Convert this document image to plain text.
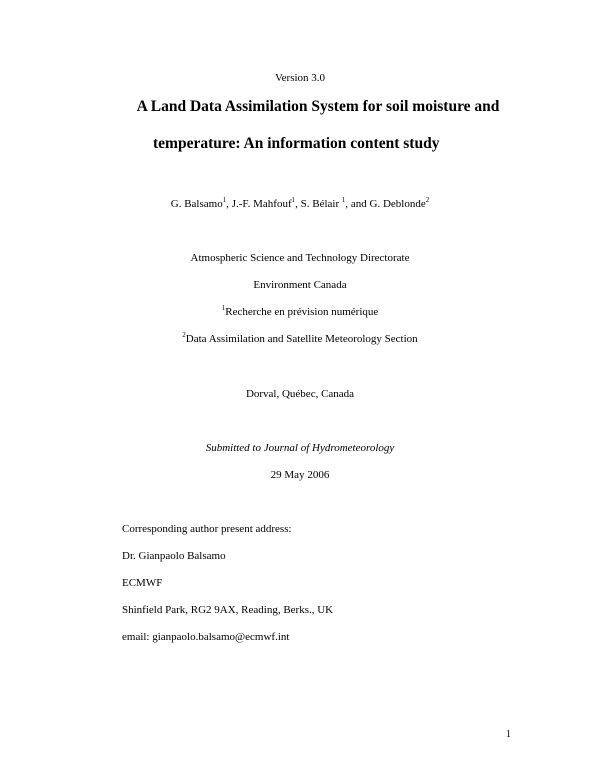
Version 3.0
A Land Data Assimilation System for soil moisture and
temperature: An information content study
G. Balsamo$^1$, J.-F. Mahfouf$^1$, S. Bélair $^1$, and G. Deblonde$^2$
Atmospheric Science and Technology Directorate
Environment Canada
$^1$Recherche en prévision numérique
$^2$Data Assimilation and Satellite Meteorology Section
Dorval, Québec, Canada
Submitted to Journal of Hydrometeorology
29 May 2006
Corresponding author present address:
Dr. Gianpaolo Balsamo
ECMWF
Shinfield Park, RG2 9AX, Reading, Berks., UK
email: gianpaolo.balsamo@ecmwf.int
1
